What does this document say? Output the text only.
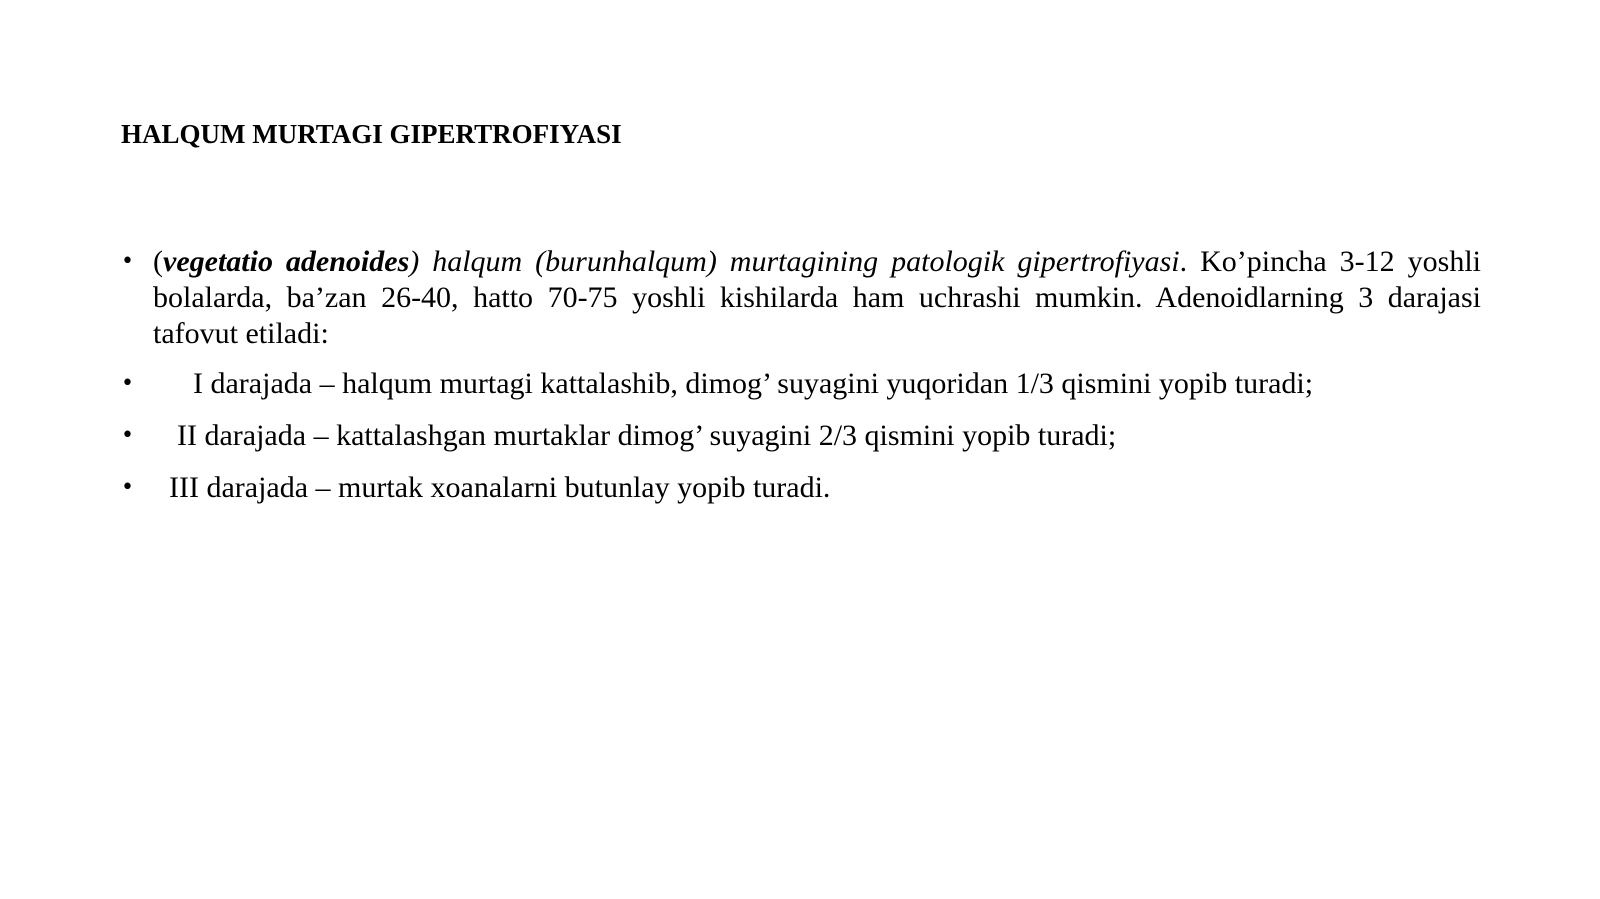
HALQUM MURTAGI GIPERTROFIYASI
• (vegetatio adenoides) halqum (burunhalqum) murtagining patologik gipertrofiyasi. Ko’pincha 3-12 yoshli bolalarda, ba’zan 26-40, hatto 70-75 yoshli kishilarda ham uchrashi mumkin. Adenoidlarning 3 darajasi tafovut etiladi:
• I darajada – halqum murtagi kattalashib, dimog’ suyagini yuqoridan 1/3 qismini yopib turadi;
• II darajada – kattalashgan murtaklar dimog’ suyagini 2/3 qismini yopib turadi;
• III darajada – murtak xoanalarni butunlay yopib turadi.
